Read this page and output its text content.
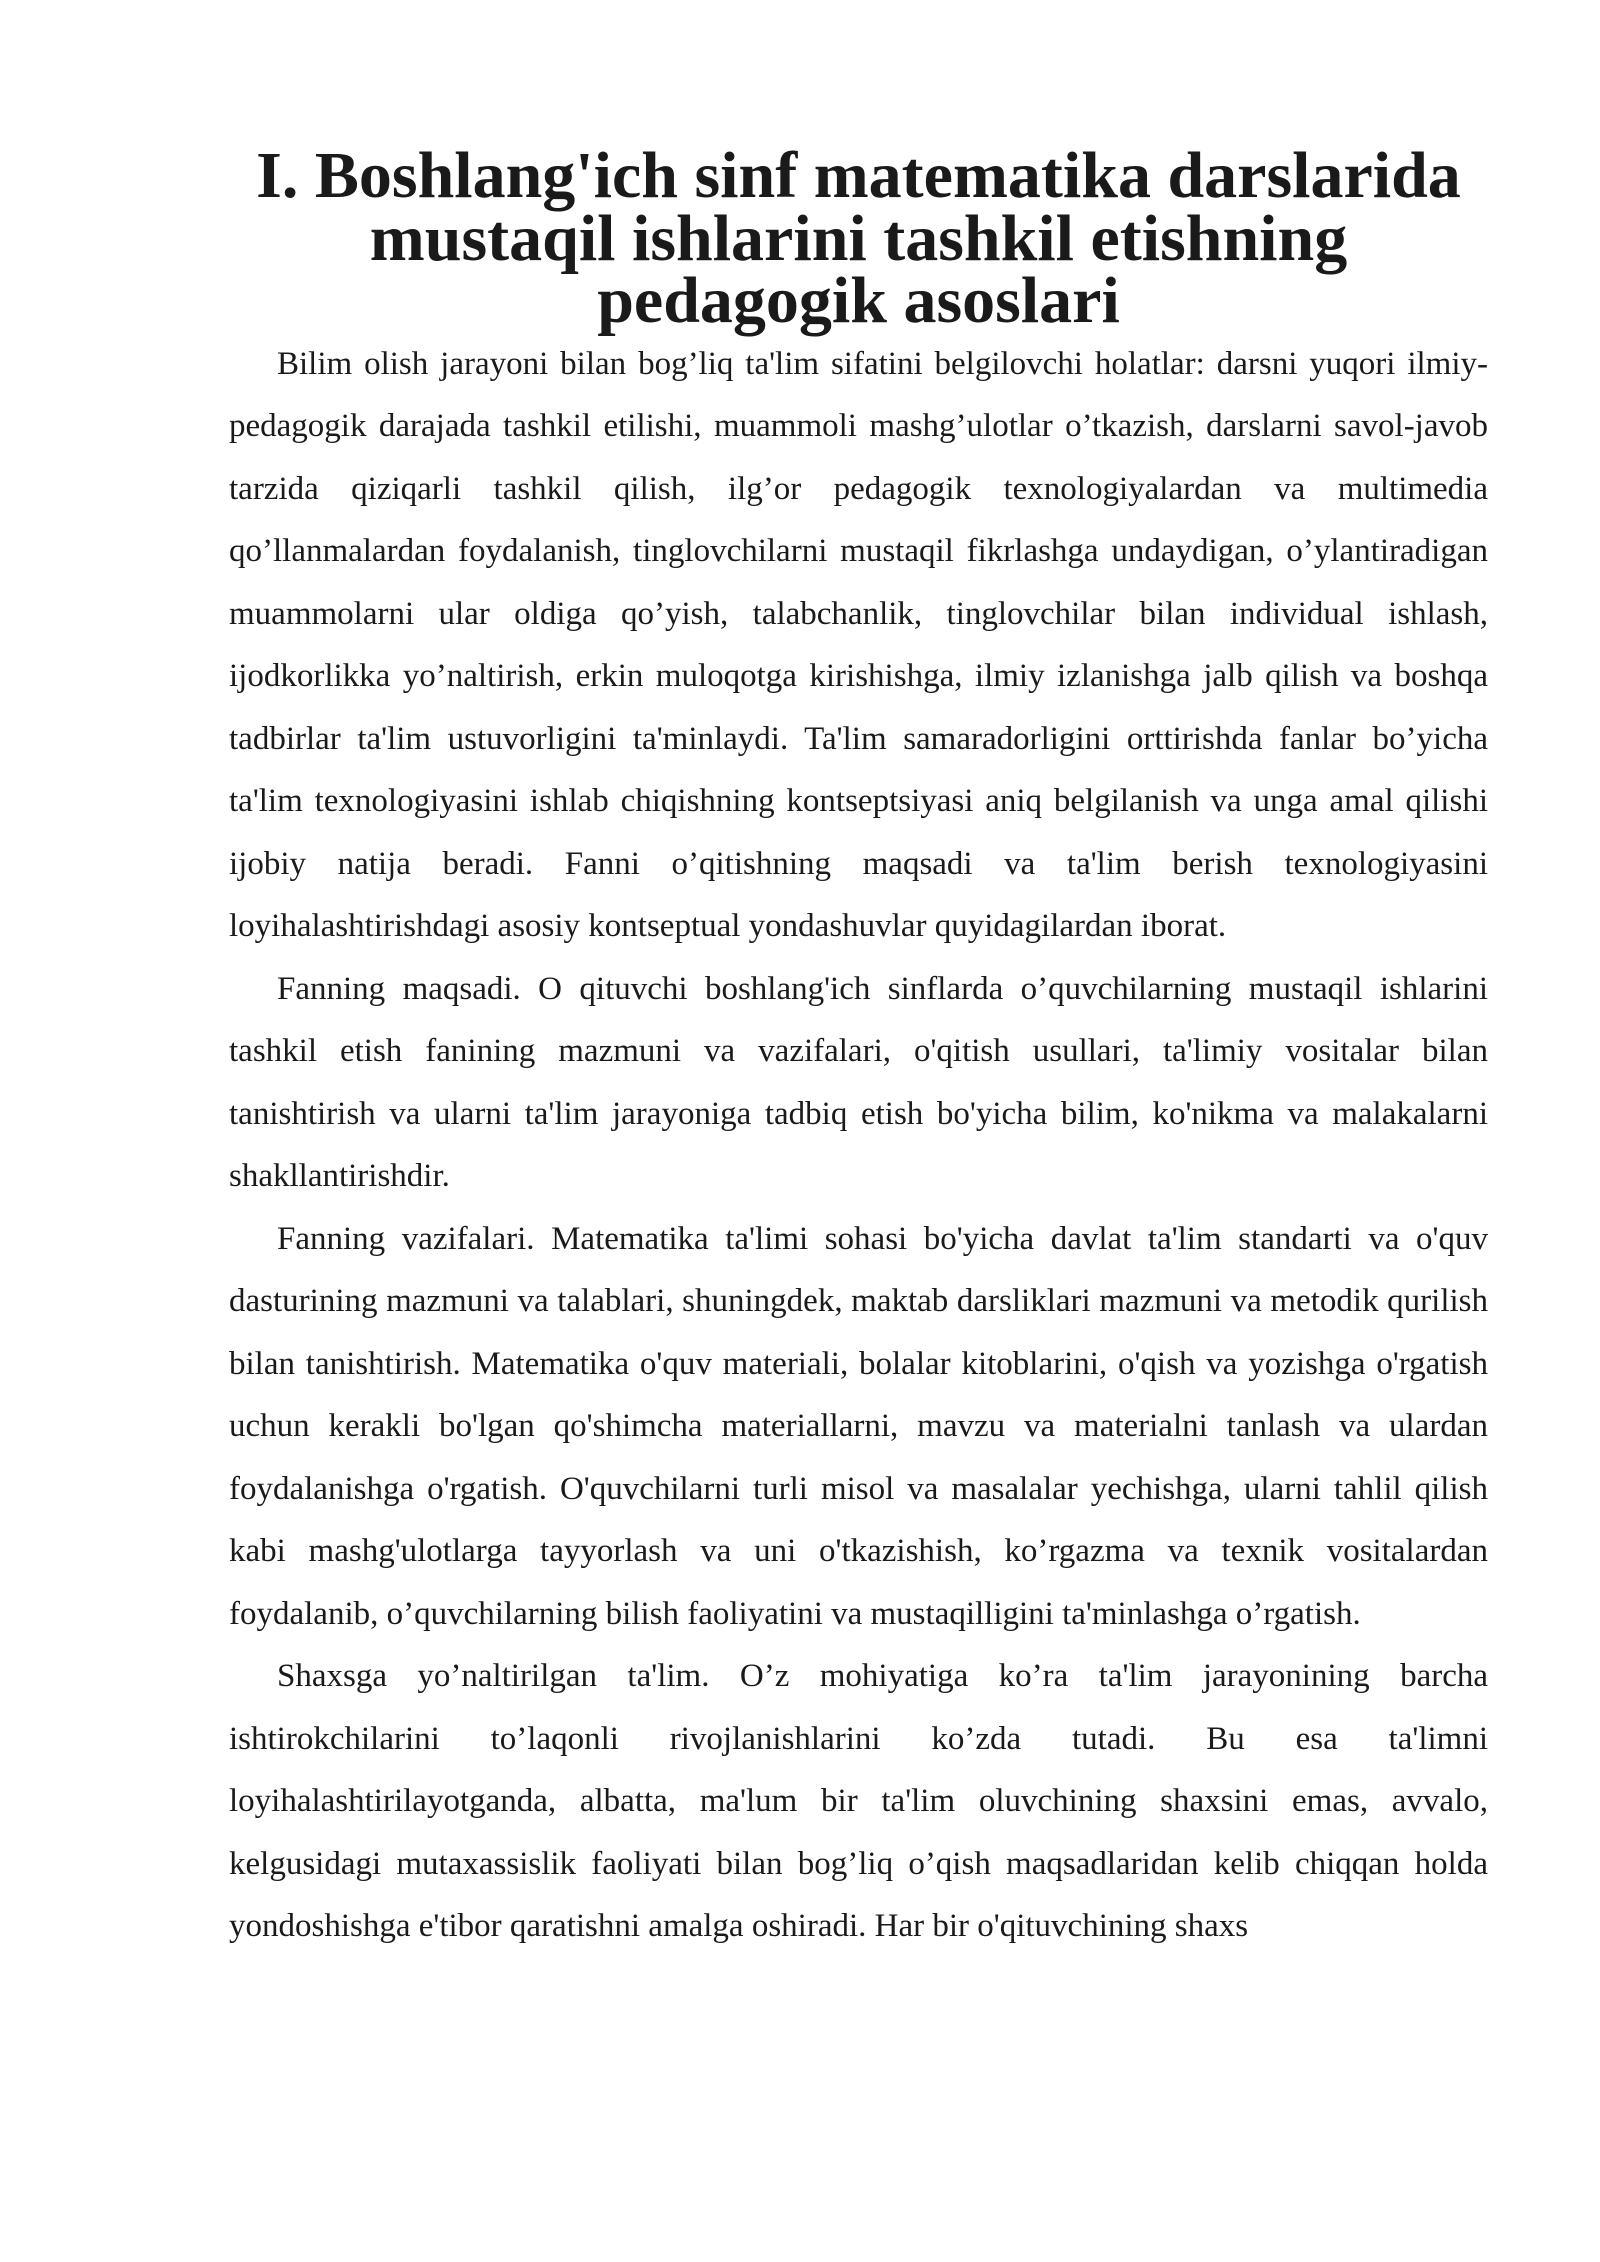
I. Boshlang'ich sinf matematika darslarida mustaqil ishlarini tashkil etishning pedagogik asoslari

Bilim olish jarayoni bilan bog’liq ta'lim sifatini belgilovchi holatlar: darsni yuqori ilmiy-pedagogik darajada tashkil etilishi, muammoli mashg’ulotlar o’tkazish, darslarni savol-javob tarzida qiziqarli tashkil qilish, ilg’or pedagogik texnologiyalardan va multimedia qo’llanmalardan foydalanish, tinglovchilarni mustaqil fikrlashga undaydigan, o’ylantiradigan muammolarni ular oldiga qo’yish, talabchanlik, tinglovchilar bilan individual ishlash, ijodkorlikka yo’naltirish, erkin muloqotga kirishishga, ilmiy izlanishga jalb qilish va boshqa tadbirlar ta'lim ustuvorligini ta'minlaydi. Ta'lim samaradorligini orttirishda fanlar bo’yicha ta'lim texnologiyasini ishlab chiqishning kontseptsiyasi aniq belgilanish va unga amal qilishi ijobiy natija beradi. Fanni o’qitishning maqsadi va ta'lim berish texnologiyasini loyihalashtirishdagi asosiy kontseptual yondashuvlar quyidagilardan iborat.

Fanning maqsadi. O qituvchi boshlang'ich sinflarda o’quvchilarning mustaqil ishlarini tashkil etish fanining mazmuni va vazifalari, o'qitish usullari, ta'limiy vositalar bilan tanishtirish va ularni ta'lim jarayoniga tadbiq etish bo'yicha bilim, ko'nikma va malakalarni shakllantirishdir.

Fanning vazifalari. Matematika ta'limi sohasi bo'yicha davlat ta'lim standarti va o'quv dasturining mazmuni va talablari, shuningdek, maktab darsliklari mazmuni va metodik qurilish bilan tanishtirish. Matematika o'quv materiali, bolalar kitoblarini, o'qish va yozishga o'rgatish uchun kerakli bo'lgan qo'shimcha materiallarni, mavzu va materialni tanlash va ulardan foydalanishga o'rgatish. O'quvchilarni turli misol va masalalar yechishga, ularni tahlil qilish kabi mashg'ulotlarga tayyorlash va uni o'tkazishish, ko’rgazma va texnik vositalardan foydalanib, o’quvchilarning bilish faoliyatini va mustaqilligini ta'minlashga o’rgatish.

Shaxsga yo’naltirilgan ta'lim. O’z mohiyatiga ko’ra ta'lim jarayonining barcha ishtirokchilarini to’laqonli rivojlanishlarini ko’zda tutadi. Bu esa ta'limni loyihalashtirilayotganda, albatta, ma'lum bir ta'lim oluvchining shaxsini emas, avvalo, kelgusidagi mutaxassislik faoliyati bilan bog’liq o’qish maqsadlaridan kelib chiqqan holda yondoshishga e'tibor qaratishni amalga oshiradi. Har bir o'qituvchining shaxs
